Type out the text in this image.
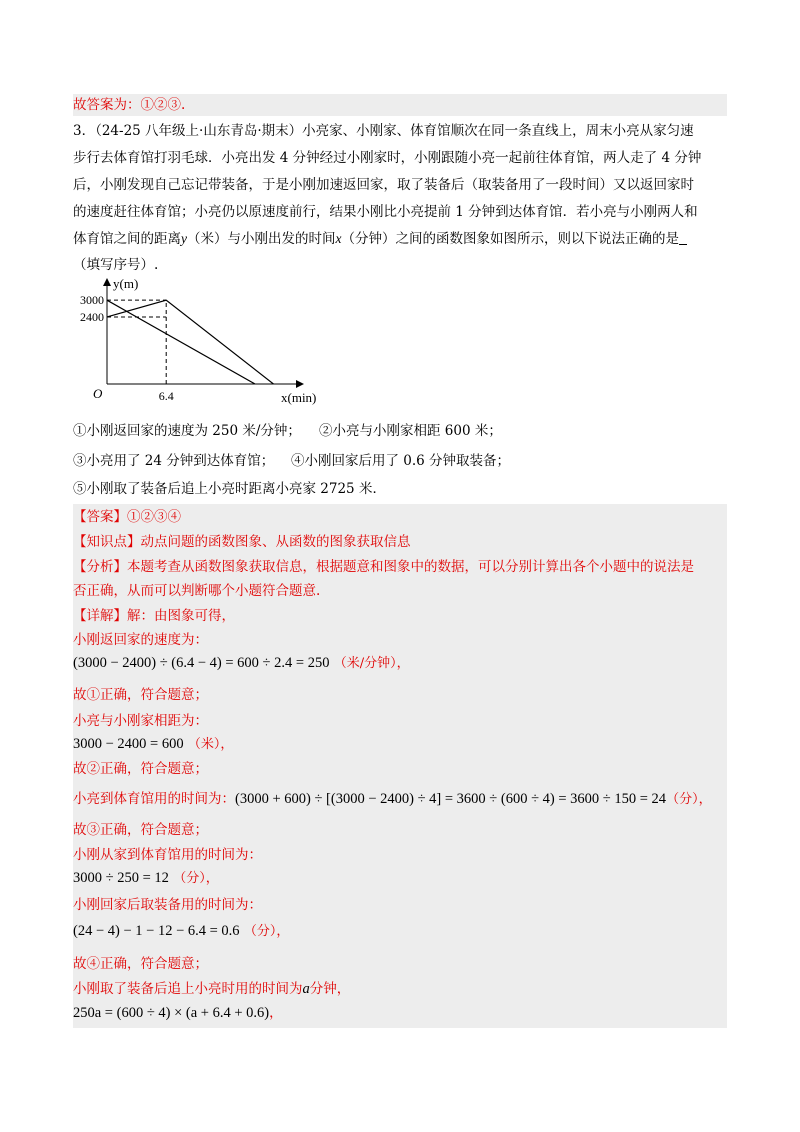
故答案为：①②③.
3．（24-25 八年级上·山东青岛·期末）小亮家、小刚家、体育馆顺次在同一条直线上，周末小亮从家匀速
步行去体育馆打羽毛球．小亮出发 4 分钟经过小刚家时，小刚跟随小亮一起前往体育馆，两人走了 4 分钟
后，小刚发现自己忘记带装备，于是小刚加速返回家，取了装备后（取装备用了一段时间）又以返回家时
的速度赶往体育馆；小亮仍以原速度前行，结果小刚比小亮提前 1 分钟到达体育馆．若小亮与小刚两人和
体育馆之间的距离y（米）与小刚出发的时间x（分钟）之间的函数图象如图所示，则以下说法正确的是
（填写序号）.
y(m)
x(min)
O
3000
2400
6.4
①小刚返回家的速度为 250 米/分钟； ②小亮与小刚家相距 600 米；
③小亮用了 24 分钟到达体育馆； ④小刚回家后用了 0.6 分钟取装备；
⑤小刚取了装备后追上小亮时距离小亮家 2725 米．
【答案】①②③④
【知识点】动点问题的函数图象、从函数的图象获取信息
【分析】本题考查从函数图象获取信息，根据题意和图象中的数据，可以分别计算出各个小题中的说法是
否正确，从而可以判断哪个小题符合题意.
【详解】解：由图象可得，
小刚返回家的速度为：
(3000 − 2400) ÷ (6.4 − 4) = 600 ÷ 2.4 = 250 （米/分钟），
故①正确，符合题意；
小亮与小刚家相距为：
3000 − 2400 = 600 （米），
故②正确，符合题意；
小亮到体育馆用的时间为：(3000 + 600) ÷ [(3000 − 2400) ÷ 4] = 3600 ÷ (600 ÷ 4) = 3600 ÷ 150 = 24（分），
故③正确，符合题意；
小刚从家到体育馆用的时间为：
3000 ÷ 250 = 12 （分），
小刚回家后取装备用的时间为：
(24 − 4) − 1 − 12 − 6.4 = 0.6 （分），
故④正确，符合题意；
小刚取了装备后追上小亮时用的时间为a分钟，
250a = (600 ÷ 4) × (a + 6.4 + 0.6)，
